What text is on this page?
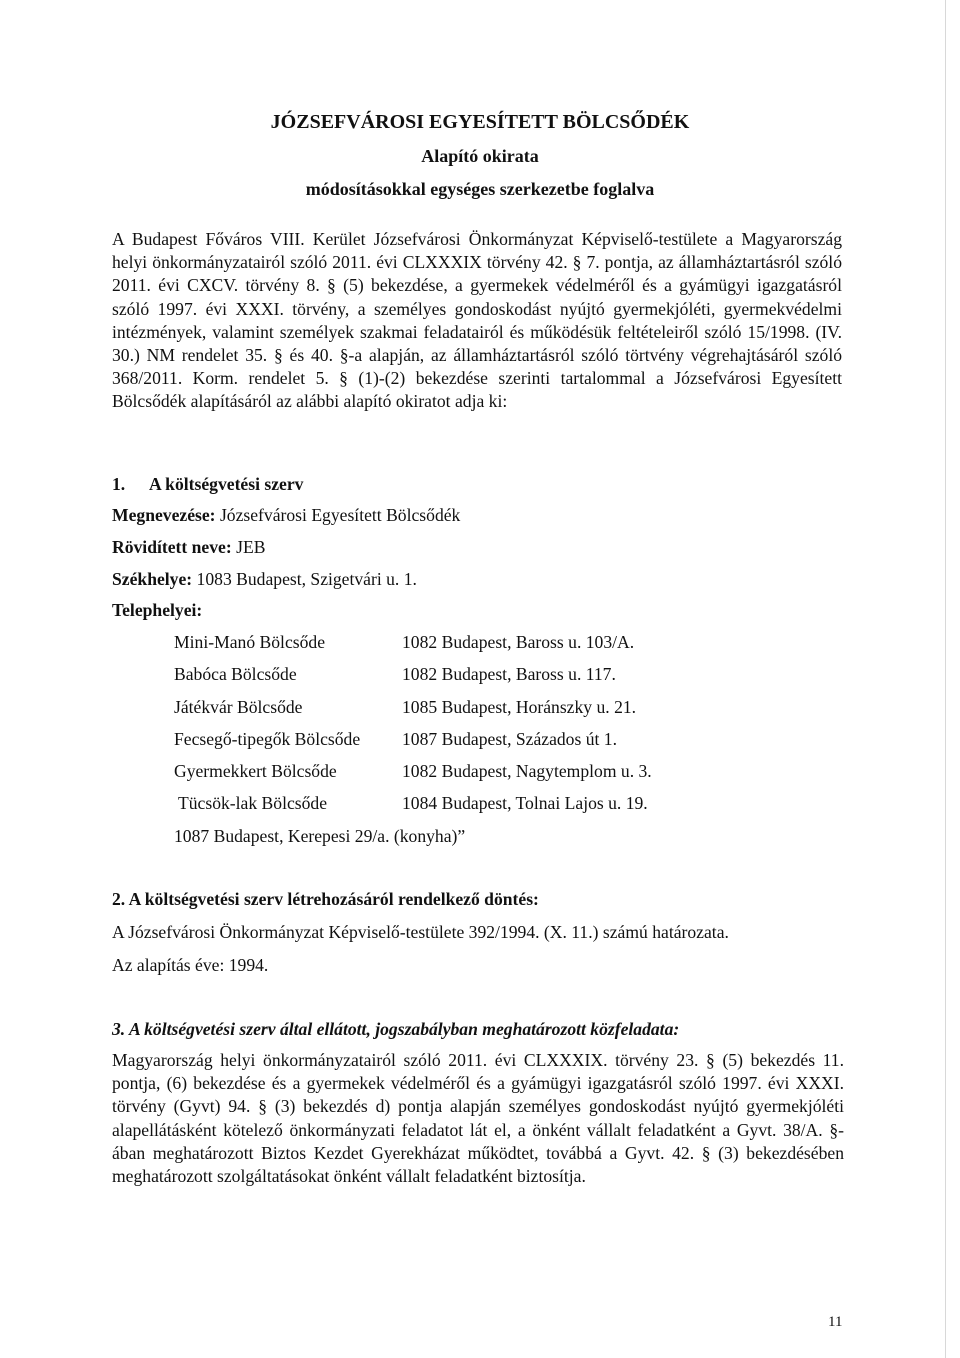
JÓZSEFVÁROSI EGYESÍTETT BÖLCSŐDÉK
Alapító okirata
módosításokkal egységes szerkezetbe foglalva
A Budapest Főváros VIII. Kerület Józsefvárosi Önkormányzat Képviselő-testülete a Magyarország helyi önkormányzatairól szóló 2011. évi CLXXXIX törvény 42. § 7. pontja, az államháztartásról szóló 2011. évi CXCV. törvény 8. § (5) bekezdése, a gyermekek védelméről és a gyámügyi igazgatásról szóló 1997. évi XXXI. törvény, a személyes gondoskodást nyújtó gyermekjóléti, gyermekvédelmi intézmények, valamint személyek szakmai feladatairól és működésük feltételeiről szóló 15/1998. (IV. 30.) NM rendelet 35. § és 40. §-a alapján, az államháztartásról szóló törtvény végrehajtásáról szóló 368/2011. Korm. rendelet 5. § (1)-(2) bekezdése szerinti tartalommal a Józsefvárosi Egyesített Bölcsődék alapításáról az alábbi alapító okiratot adja ki:
1. A költségvetési szerv
Megnevezése: Józsefvárosi Egyesített Bölcsődék
Rövidített neve: JEB
Székhelye: 1083 Budapest, Szigetvári u. 1.
Telephelyei:
Mini-Manó Bölcsőde	1082 Budapest, Baross u. 103/A.
Babóca Bölcsőde	1082 Budapest, Baross u. 117.
Játékvár Bölcsőde	1085 Budapest, Horánszky u. 21.
Fecsegő-tipegők Bölcsőde 1087 Budapest, Százados út 1.
Gyermekkert Bölcsőde	1082 Budapest, Nagytemplom u. 3.
Tücsök-lak Bölcsőde	1084 Budapest, Tolnai Lajos u. 19.
1087 Budapest, Kerepesi 29/a. (konyha)”
2. A költségvetési szerv létrehozásáról rendelkező döntés:
A Józsefvárosi Önkormányzat Képviselő-testülete 392/1994. (X. 11.) számú határozata.
Az alapítás éve: 1994.
3. A költségvetési szerv által ellátott, jogszabályban meghatározott közfeladata:
Magyarország helyi önkormányzatairól szóló 2011. évi CLXXXIX. törvény 23. § (5) bekezdés 11. pontja, (6) bekezdése és a gyermekek védelméről és a gyámügyi igazgatásról szóló 1997. évi XXXI. törvény (Gyvt) 94. § (3) bekezdés d) pontja alapján személyes gondoskodást nyújtó gyermekjóléti alapellátásként kötelező önkormányzati feladatot lát el, a önként vállalt feladatként a Gyvt. 38/A. §-ában meghatározott Biztos Kezdet Gyerekházat működtet, továbbá a Gyvt. 42. § (3) bekezdésében meghatározott szolgáltatásokat önként vállalt feladatként biztosítja.
11
